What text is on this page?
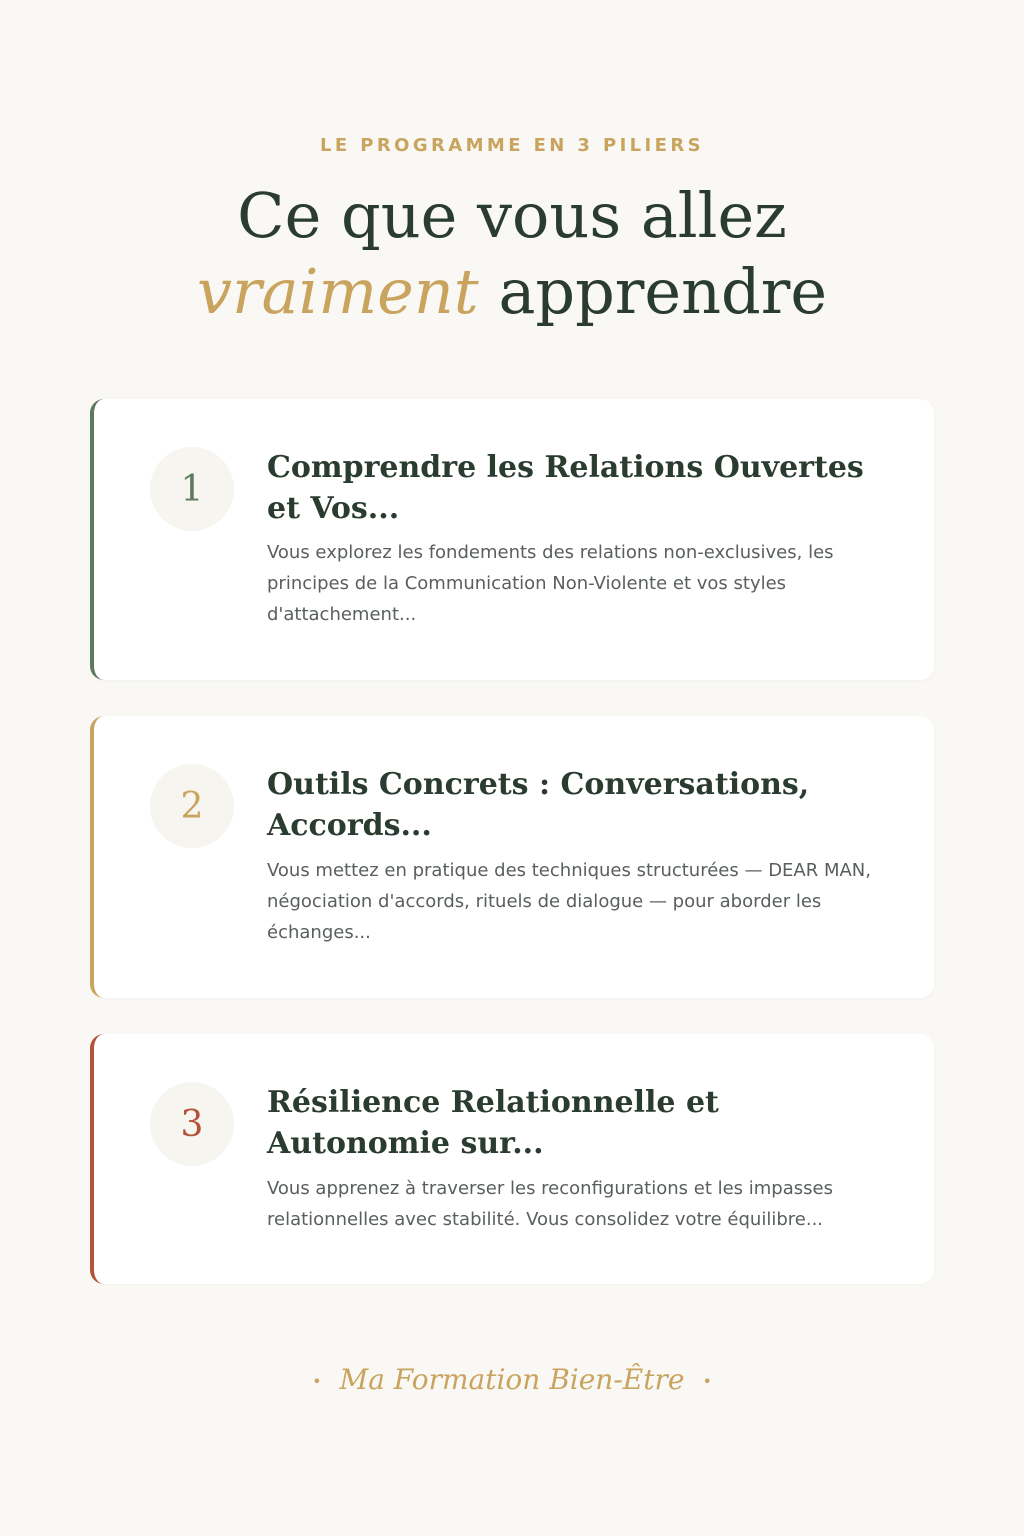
LE PROGRAMME EN 3 PILIERS
Ce que vous allez
vraiment apprendre
1
Comprendre les Relations Ouvertes et Vos...

Vous explorez les fondements des relations non-exclusives, les principes de la Communication Non-Violente et vos styles d'attachement...

2
Outils Concrets : Conversations, Accords...

Vous mettez en pratique des techniques structurées — DEAR MAN, négociation d'accords, rituels de dialogue — pour aborder les échanges...

3
Résilience Relationnelle et Autonomie sur...

Vous apprenez à traverser les reconfigurations et les impasses relationnelles avec stabilité. Vous consolidez votre équilibre...

• Ma Formation Bien-Être •
